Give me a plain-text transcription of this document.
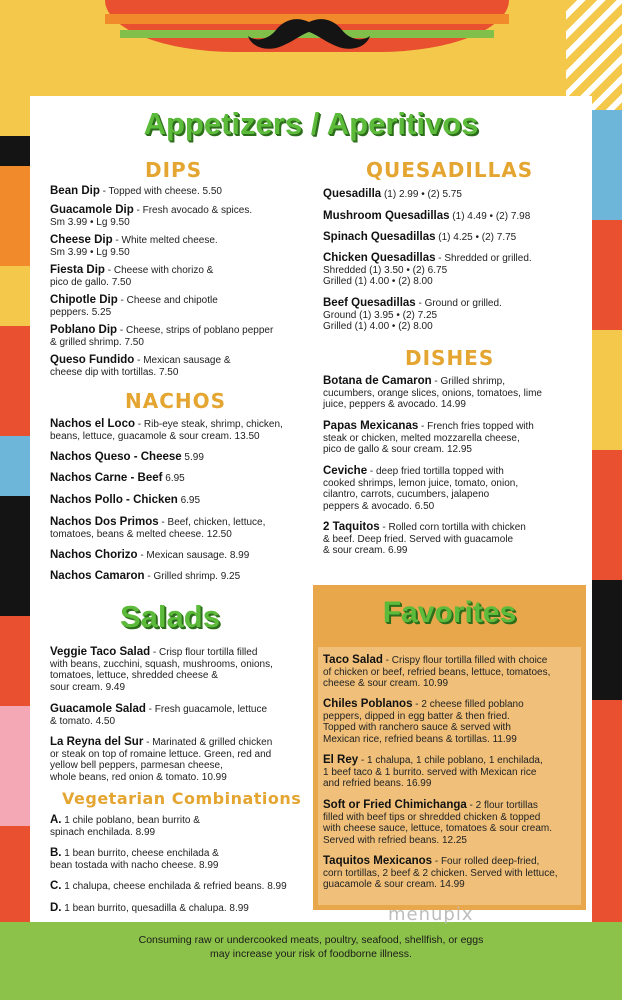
Appetizers / Aperitivos
DIPS
Bean Dip - Topped with cheese. 5.50
Guacamole Dip - Fresh avocado & spices.
Sm 3.99 • Lg 9.50
Cheese Dip - White melted cheese.
Sm 3.99 • Lg 9.50
Fiesta Dip - Cheese with chorizo &
pico de gallo. 7.50
Chipotle Dip - Cheese and chipotle
peppers. 5.25
Poblano Dip - Cheese, strips of poblano pepper
& grilled shrimp. 7.50
Queso Fundido - Mexican sausage &
cheese dip with tortillas. 7.50
NACHOS
Nachos el Loco - Rib-eye steak, shrimp, chicken,
beans, lettuce, guacamole & sour cream. 13.50
Nachos Queso - Cheese 5.99
Nachos Carne - Beef 6.95
Nachos Pollo - Chicken 6.95
Nachos Dos Primos - Beef, chicken, lettuce,
tomatoes, beans & melted cheese. 12.50
Nachos Chorizo - Mexican sausage. 8.99
Nachos Camaron - Grilled shrimp. 9.25
QUESADILLAS
Quesadilla (1) 2.99 • (2) 5.75
Mushroom Quesadillas (1) 4.49 • (2) 7.98
Spinach Quesadillas (1) 4.25 • (2) 7.75
Chicken Quesadillas - Shredded or grilled.
Shredded (1) 3.50 • (2) 6.75
Grilled (1) 4.00 • (2) 8.00
Beef Quesadillas - Ground or grilled.
Ground (1) 3.95 • (2) 7.25
Grilled (1) 4.00 • (2) 8.00
DISHES
Botana de Camaron - Grilled shrimp,
cucumbers, orange slices, onions, tomatoes, lime
juice, peppers & avocado. 14.99
Papas Mexicanas - French fries topped with
steak or chicken, melted mozzarella cheese,
pico de gallo & sour cream. 12.95
Ceviche - deep fried tortilla topped with
cooked shrimps, lemon juice, tomato, onion,
cilantro, carrots, cucumbers, jalapeno
peppers & avocado. 6.50
2 Taquitos - Rolled corn tortilla with chicken
& beef. Deep fried. Served with guacamole
& sour cream. 6.99
Salads
Veggie Taco Salad - Crisp flour tortilla filled
with beans, zucchini, squash, mushrooms, onions,
tomatoes, lettuce, shredded cheese &
sour cream. 9.49
Guacamole Salad - Fresh guacamole, lettuce
& tomato. 4.50
La Reyna del Sur - Marinated & grilled chicken
or steak on top of romaine lettuce. Green, red and
yellow bell peppers, parmesan cheese,
whole beans, red onion & tomato. 10.99
Vegetarian Combinations
A. 1 chile poblano, bean burrito &
spinach enchilada. 8.99
B. 1 bean burrito, cheese enchilada &
bean tostada with nacho cheese. 8.99
C. 1 chalupa, cheese enchilada & refried beans. 8.99
D. 1 bean burrito, quesadilla & chalupa. 8.99
Favorites
Taco Salad - Crispy flour tortilla filled with choice
of chicken or beef, refried beans, lettuce, tomatoes,
cheese & sour cream. 10.99
Chiles Poblanos - 2 cheese filled poblano
peppers, dipped in egg batter & then fried.
Topped with ranchero sauce & served with
Mexican rice, refried beans & tortillas. 11.99
El Rey - 1 chalupa, 1 chile poblano, 1 enchilada,
1 beef taco & 1 burrito. served with Mexican rice
and refried beans. 16.99
Soft or Fried Chimichanga - 2 flour tortillas
filled with beef tips or shredded chicken & topped
with cheese sauce, lettuce, tomatoes & sour cream.
Served with refried beans. 12.25
Taquitos Mexicanos - Four rolled deep-fried,
corn tortillas, 2 beef & 2 chicken. Served with lettuce,
guacamole & sour cream. 14.99
Consuming raw or undercooked meats, poultry, seafood, shellfish, or eggs
may increase your risk of foodborne illness.
menupix
